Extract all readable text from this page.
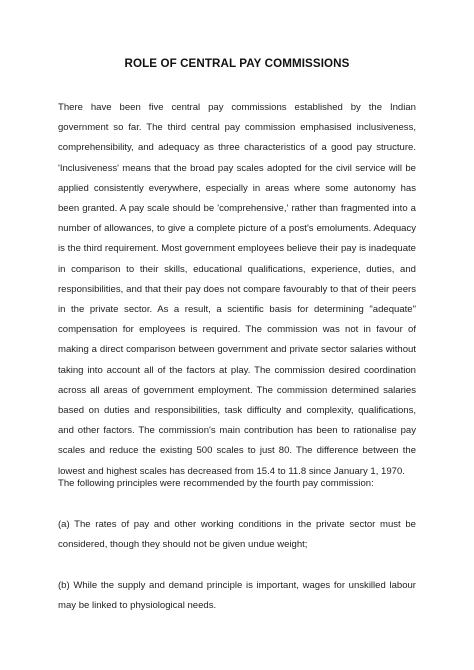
ROLE OF CENTRAL PAY COMMISSIONS

There have been five central pay commissions established by the Indian government so far. The third central pay commission emphasised inclusiveness, comprehensibility, and adequacy as three characteristics of a good pay structure. 'Inclusiveness' means that the broad pay scales adopted for the civil service will be applied consistently everywhere, especially in areas where some autonomy has been granted. A pay scale should be 'comprehensive,' rather than fragmented into a number of allowances, to give a complete picture of a post's emoluments. Adequacy is the third requirement. Most government employees believe their pay is inadequate in comparison to their skills, educational qualifications, experience, duties, and responsibilities, and that their pay does not compare favourably to that of their peers in the private sector. As a result, a scientific basis for determining "adequate" compensation for employees is required. The commission was not in favour of making a direct comparison between government and private sector salaries without taking into account all of the factors at play. The commission desired coordination across all areas of government employment. The commission determined salaries based on duties and responsibilities, task difficulty and complexity, qualifications, and other factors. The commission's main contribution has been to rationalise pay scales and reduce the existing 500 scales to just 80. The difference between the lowest and highest scales has decreased from 15.4 to 11.8 since January 1, 1970.

The following principles were recommended by the fourth pay commission:

(a) The rates of pay and other working conditions in the private sector must be considered, though they should not be given undue weight;

(b) While the supply and demand principle is important, wages for unskilled labour may be linked to physiological needs.
